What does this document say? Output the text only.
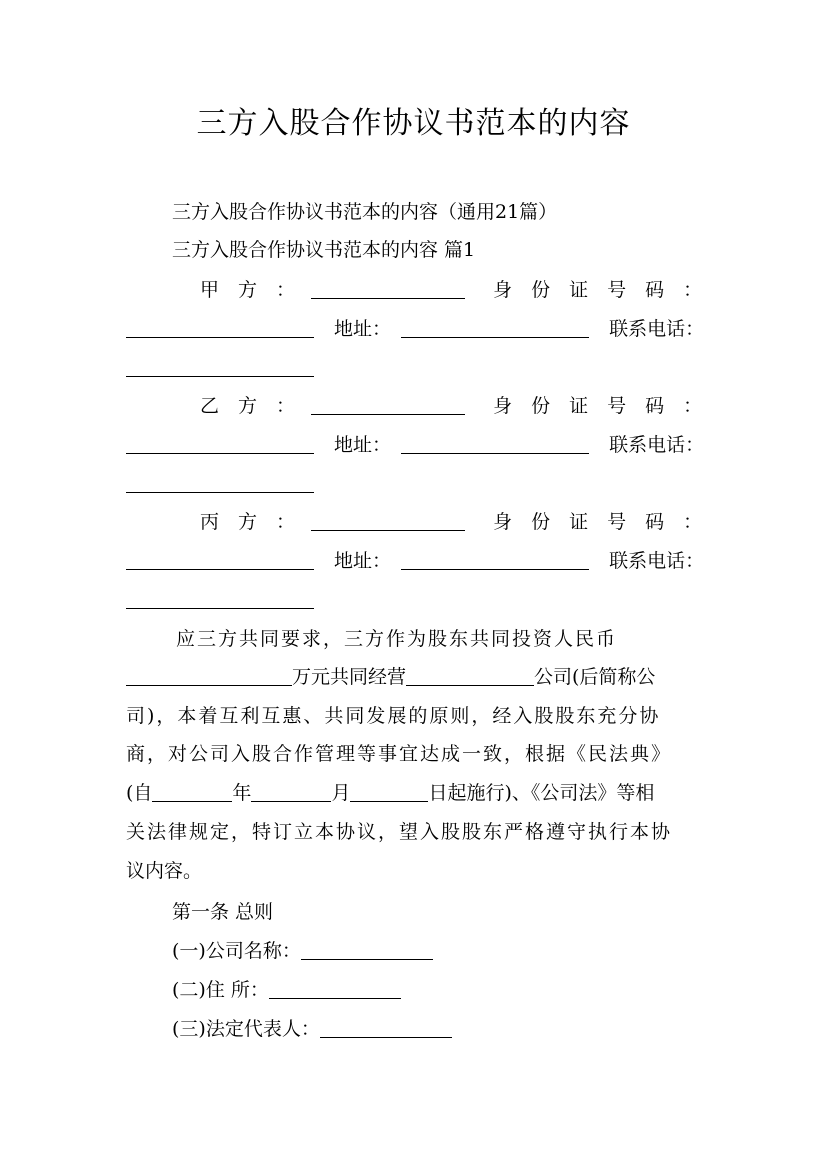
三方入股合作协议书范本的内容
三方入股合作协议书范本的内容（通用21篇）
三方入股合作协议书范本的内容 篇1
甲　方　：	身　份　证　号　码　：
地址：	联系电话：
乙　方　：	身　份　证　号　码　：
地址：	联系电话：
丙　方　：	身　份　证　号　码　：
地址：	联系电话：
应三方共同要求，三方作为股东共同投资人民币
万元共同经营	公司(后简称公
司)，本着互利互惠、共同发展的原则，经入股股东充分协
商，对公司入股合作管理等事宜达成一致，根据《民法典》
(自	年	月	日起施行)、《公司法》等相
关法律规定，特订立本协议，望入股股东严格遵守执行本协
议内容。
第一条 总则
(一)公司名称：
(二)住 所：
(三)法定代表人：
